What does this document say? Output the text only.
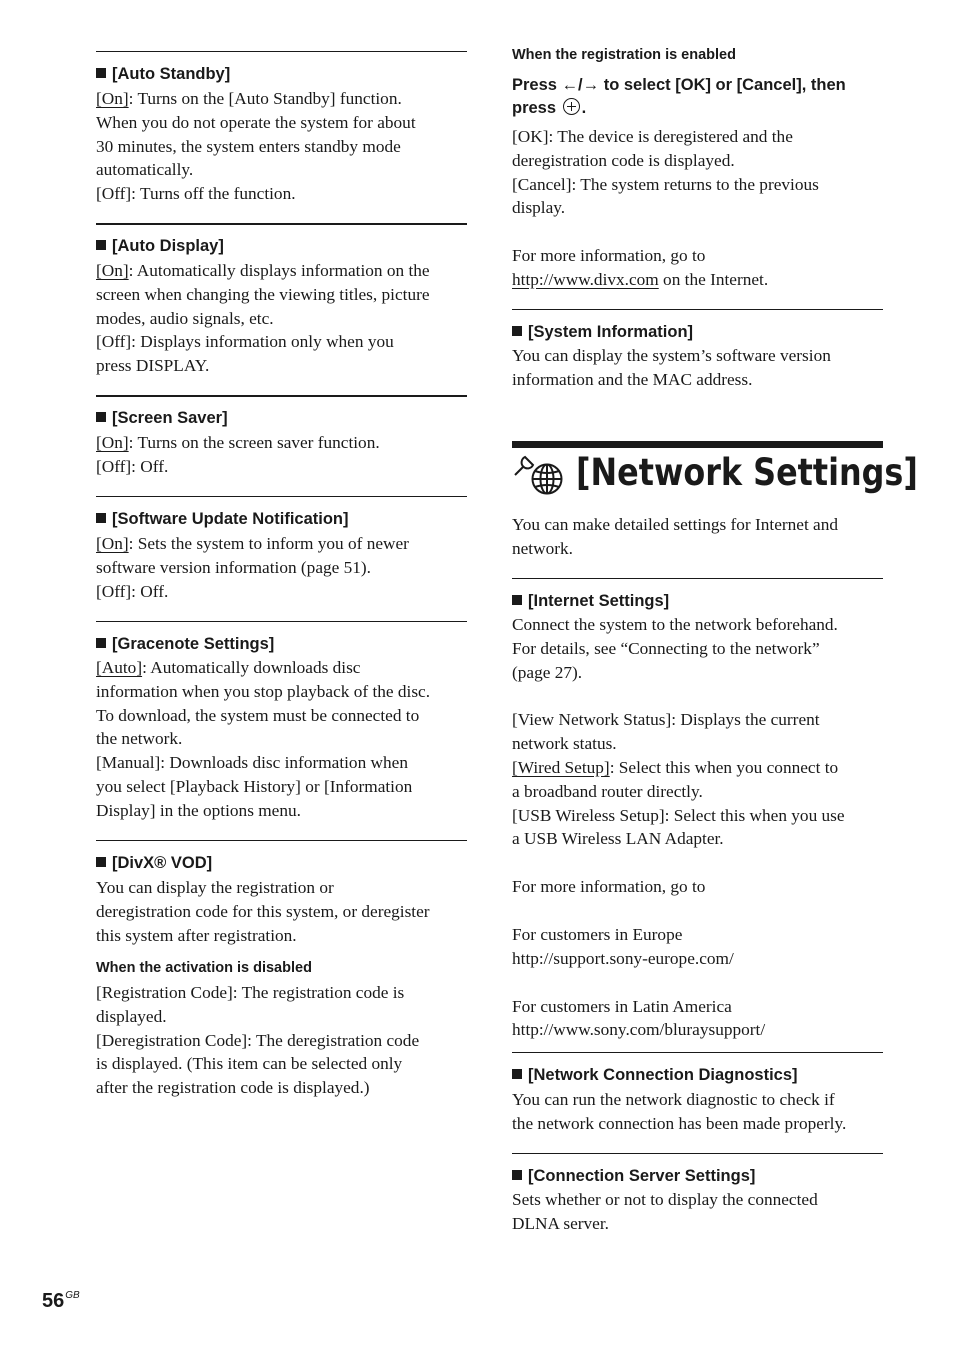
[Auto Standby]

[On]: Turns on the [Auto Standby] function.

When you do not operate the system for about

30 minutes, the system enters standby mode

automatically.

[Off]: Turns off the function.

[Auto Display]

[On]: Automatically displays information on the

screen when changing the viewing titles, picture

modes, audio signals, etc.

[Off]: Displays information only when you

press DISPLAY.

[Screen Saver]

[On]: Turns on the screen saver function.

[Off]: Off.

[Software Update Notification]

[On]: Sets the system to inform you of newer

software version information (page 51).

[Off]: Off.

[Gracenote Settings]

[Auto]: Automatically downloads disc

information when you stop playback of the disc.

To download, the system must be connected to

the network.

[Manual]: Downloads disc information when

you select [Playback History] or [Information

Display] in the options menu.

[DivX® VOD]

You can display the registration or

deregistration code for this system, or deregister

this system after registration.

When the activation is disabled

[Registration Code]: The registration code is

displayed.

[Deregistration Code]: The deregistration code

is displayed. (This item can be selected only

after the registration code is displayed.)

When the registration is enabled
Press ←/→ to select [OK] or [Cancel], then
press .

[OK]: The device is deregistered and the

deregistration code is displayed.

[Cancel]: The system returns to the previous

display.

For more information, go to

http://www.divx.com on the Internet.

[System Information]

You can display the system’s software version

information and the MAC address.

[Network Settings]

You can make detailed settings for Internet and

network.

[Internet Settings]

Connect the system to the network beforehand.

For details, see “Connecting to the network”

(page 27).

[View Network Status]: Displays the current

network status.

[Wired Setup]: Select this when you connect to

a broadband router directly.

[USB Wireless Setup]: Select this when you use

a USB Wireless LAN Adapter.

For more information, go to

For customers in Europe

http://support.sony-europe.com/

For customers in Latin America

http://www.sony.com/bluraysupport/

[Network Connection Diagnostics]

You can run the network diagnostic to check if

the network connection has been made properly.

[Connection Server Settings]

Sets whether or not to display the connected

DLNA server.

$56^{GB}$
